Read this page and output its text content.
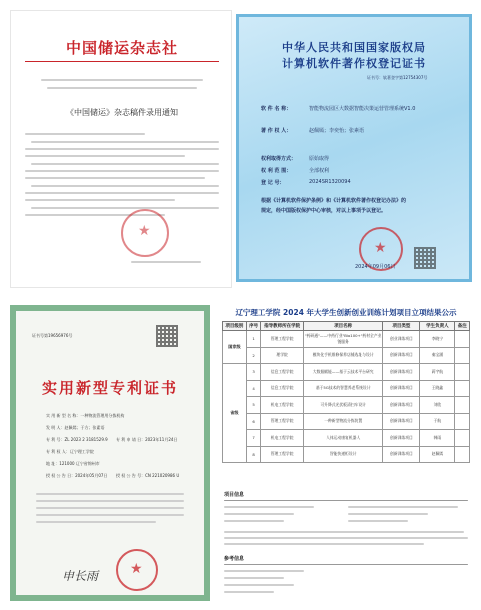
中国储运杂志社
《中国储运》杂志稿件录用通知
★
中华人民共和国国家版权局
计算机软件著作权登记证书
证书号：软著登字第12754307号
软 件 名 称：	智能物流园区大数据智能决策运营管理系统V1.0
著 作 权 人：	赵佩嫣；李奕怡；张素语
权利取得方式：	原始取得
权 利 范 围：	全部权利
登 记 号：	2024SR1320094
根据《计算机软件保护条例》和《计算机软件著作权登记办法》的
规定，经中国版权保护中心审核，对以上事项予以登记。
★
2024年09月06日
证书号第19656976号
实用新型专利证书
实 用 新 型 名 称：一种物流管理用分拣机构
发 明 人：赵佩嫣；于方；张素语
专 利 号：ZL 2023 2 3181529.9 专 利 申 请 日：2023年11月24日
专 利 权 人：辽宁理工学院
地 址：121000 辽宁省锦州市
授 权 公 告 日：2024年05月07日 授 权 公 告 号：CN 221020986 U
申长雨
★
辽宁理工学院 2024 年大学生创新创业训练计划项目立项结果公示
项目级别	序号	指导教师所在学院	项目名称	项目类型	学生负责人	备注
国家级	1	管理工程学院	"药研通"——中药行业"Bio100+"药材全产业链服务	创业训练项目	李晓宁	
	2	理学院	模块化手机维修保养店铺选址与设计	创新训练项目	秦宝涵	
省级	3	信息工程学院	大数据赋能——基于云技术平台研究	创新训练项目	蒋宇航	
	4	信息工程学院	基于5G技术的智慧养老系统设计	创新训练项目	王晓鑫	
	5	机电工程学院	可升降式光伏板清扫车设计	创新训练项目	刘欣	
	6	管理工程学院	一种新型物流分拣装置	创新训练项目	于航	
	7	机电工程学院	人体运动康复机器人	创新训练项目	韩雨	
	8	管理工程学院	智能快递柜设计	创新训练项目	赵佩嫣	
项目信息
参考信息
